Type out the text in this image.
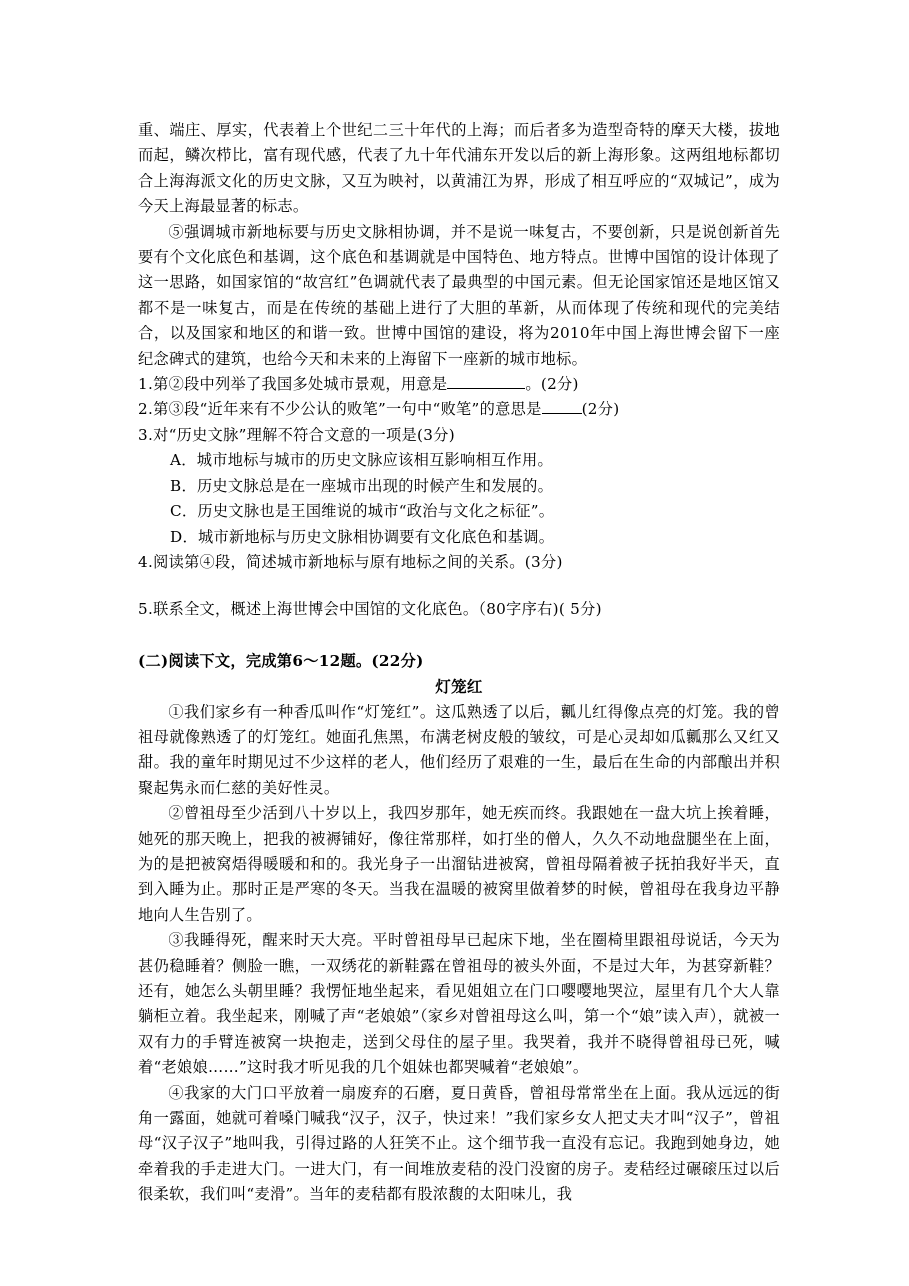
重、端庄、厚实，代表着上个世纪二三十年代的上海；而后者多为造型奇特的摩天大楼，拔地而起，鳞次栉比，富有现代感，代表了九十年代浦东开发以后的新上海形象。这两组地标都切合上海海派文化的历史文脉，又互为映衬，以黄浦江为界，形成了相互呼应的“双城记”，成为今天上海最显著的标志。

⑤强调城市新地标要与历史文脉相协调，并不是说一味复古，不要创新，只是说创新首先要有个文化底色和基调，这个底色和基调就是中国特色、地方特点。世博中国馆的设计体现了这一思路，如国家馆的“故宫红”色调就代表了最典型的中国元素。但无论国家馆还是地区馆又都不是一味复古，而是在传统的基础上进行了大胆的革新，从而体现了传统和现代的完美结合，以及国家和地区的和谐一致。世博中国馆的建设，将为2010年中国上海世博会留下一座纪念碑式的建筑，也给今天和未来的上海留下一座新的城市地标。

1.第②段中列举了我国多处城市景观，用意是	。(2分)

2.第③段“近年来有不少公认的败笔”一句中“败笔”的意思是	(2分)

3.对“历史文脉”理解不符合文意的一项是(3分)

A．城市地标与城市的历史文脉应该相互影响相互作用。

B．历史文脉总是在一座城市出现的时候产生和发展的。

C．历史文脉也是王国维说的城市“政治与文化之标征”。

D．城市新地标与历史文脉相协调要有文化底色和基调。

4.阅读第④段，简述城市新地标与原有地标之间的关系。(3分)

5.联系全文，概述上海世博会中国馆的文化底色。（80字序右)( 5分)

(二)阅读下文，完成第6～12题。(22分)

灯笼红

①我们家乡有一种香瓜叫作“灯笼红”。这瓜熟透了以后，瓤儿红得像点亮的灯笼。我的曾祖母就像熟透了的灯笼红。她面孔焦黑，布满老树皮般的皱纹，可是心灵却如瓜瓤那么又红又甜。我的童年时期见过不少这样的老人，他们经历了艰难的一生，最后在生命的内部酿出并积聚起隽永而仁慈的美好性灵。

②曾祖母至少活到八十岁以上，我四岁那年，她无疾而终。我跟她在一盘大坑上挨着睡，她死的那天晚上，把我的被褥铺好，像往常那样，如打坐的僧人，久久不动地盘腿坐在上面，为的是把被窝焐得暖暖和和的。我光身子一出溜钻进被窝，曾祖母隔着被子抚拍我好半天，直到入睡为止。那时正是严寒的冬天。当我在温暖的被窝里做着梦的时候，曾祖母在我身边平静地向人生告别了。

③我睡得死，醒来时天大亮。平时曾祖母早已起床下地，坐在圈椅里跟祖母说话，今天为甚仍稳睡着？侧脸一瞧，一双绣花的新鞋露在曾祖母的被头外面，不是过大年，为甚穿新鞋？还有，她怎么头朝里睡？我愣怔地坐起来，看见姐姐立在门口嘤嘤地哭泣，屋里有几个大人靠躺柜立着。我坐起来，刚喊了声“老娘娘”（家乡对曾祖母这么叫，第一个“娘”读入声），就被一双有力的手臂连被窝一块抱走，送到父母住的屋子里。我哭着，我并不晓得曾祖母已死，喊着“老娘娘……”这时我才听见我的几个姐妹也都哭喊着“老娘娘”。

④我家的大门口平放着一扇废弃的石磨，夏日黄昏，曾祖母常常坐在上面。我从远远的街角一露面，她就可着嗓门喊我“汉子，汉子，快过来！”我们家乡女人把丈夫才叫“汉子”，曾祖母“汉子汉子”地叫我，引得过路的人狂笑不止。这个细节我一直没有忘记。我跑到她身边，她牵着我的手走进大门。一进大门，有一间堆放麦秸的没门没窗的房子。麦秸经过碾磙压过以后很柔软，我们叫“麦滑”。当年的麦秸都有股浓馥的太阳味儿，我
